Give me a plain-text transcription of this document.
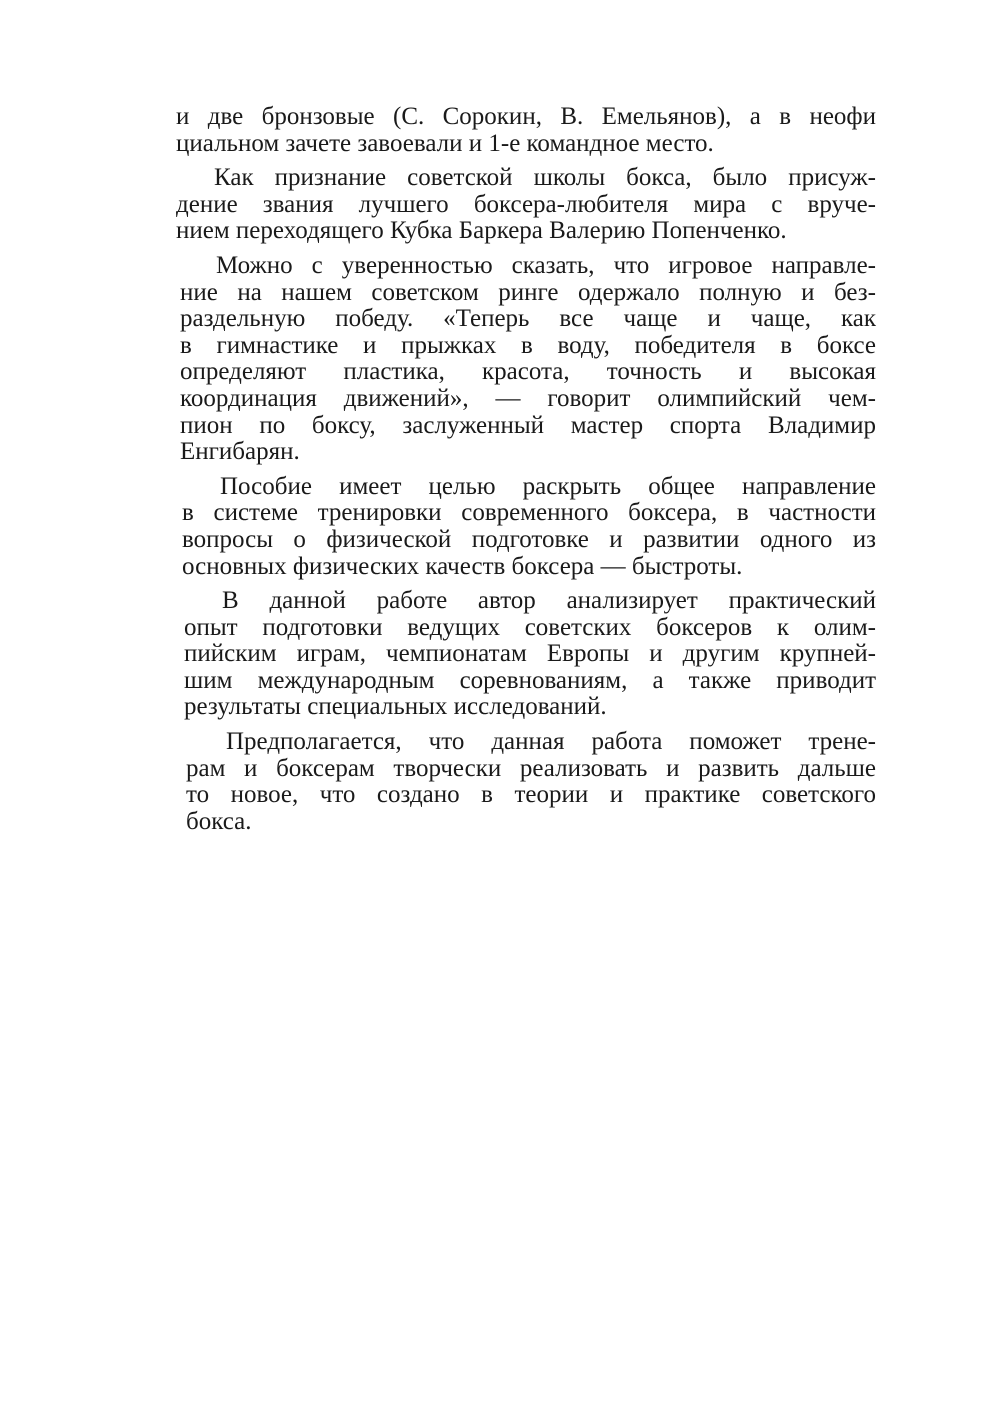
и две бронзовые (С. Сорокин, В. Емельянов), а в неофи
циальном зачете завоевали и 1-е командное место.

Как признание советской школы бокса, было присуж-
дение звания лучшего боксера-любителя мира с вруче-
нием переходящего Кубка Баркера Валерию Попенченко.

Можно с уверенностью сказать, что игровое направле-
ние на нашем советском ринге одержало полную и без-
раздельную победу. «Теперь все чаще и чаще, как
в гимнастике и прыжках в воду, победителя в боксе
определяют пластика, красота, точность и высокая
координация движений», — говорит олимпийский чем-
пион по боксу, заслуженный мастер спорта Владимир
Енгибарян.

Пособие имеет целью раскрыть общее направление
в системе тренировки современного боксера, в частности
вопросы о физической подготовке и развитии одного из
основных физических качеств боксера — быстроты.

В данной работе автор анализирует практический
опыт подготовки ведущих советских боксеров к олим-
пийским играм, чемпионатам Европы и другим крупней-
шим международным соревнованиям, а также приводит
результаты специальных исследований.

Предполагается, что данная работа поможет трене-
рам и боксерам творчески реализовать и развить дальше
то новое, что создано в теории и практике советского
бокса.
